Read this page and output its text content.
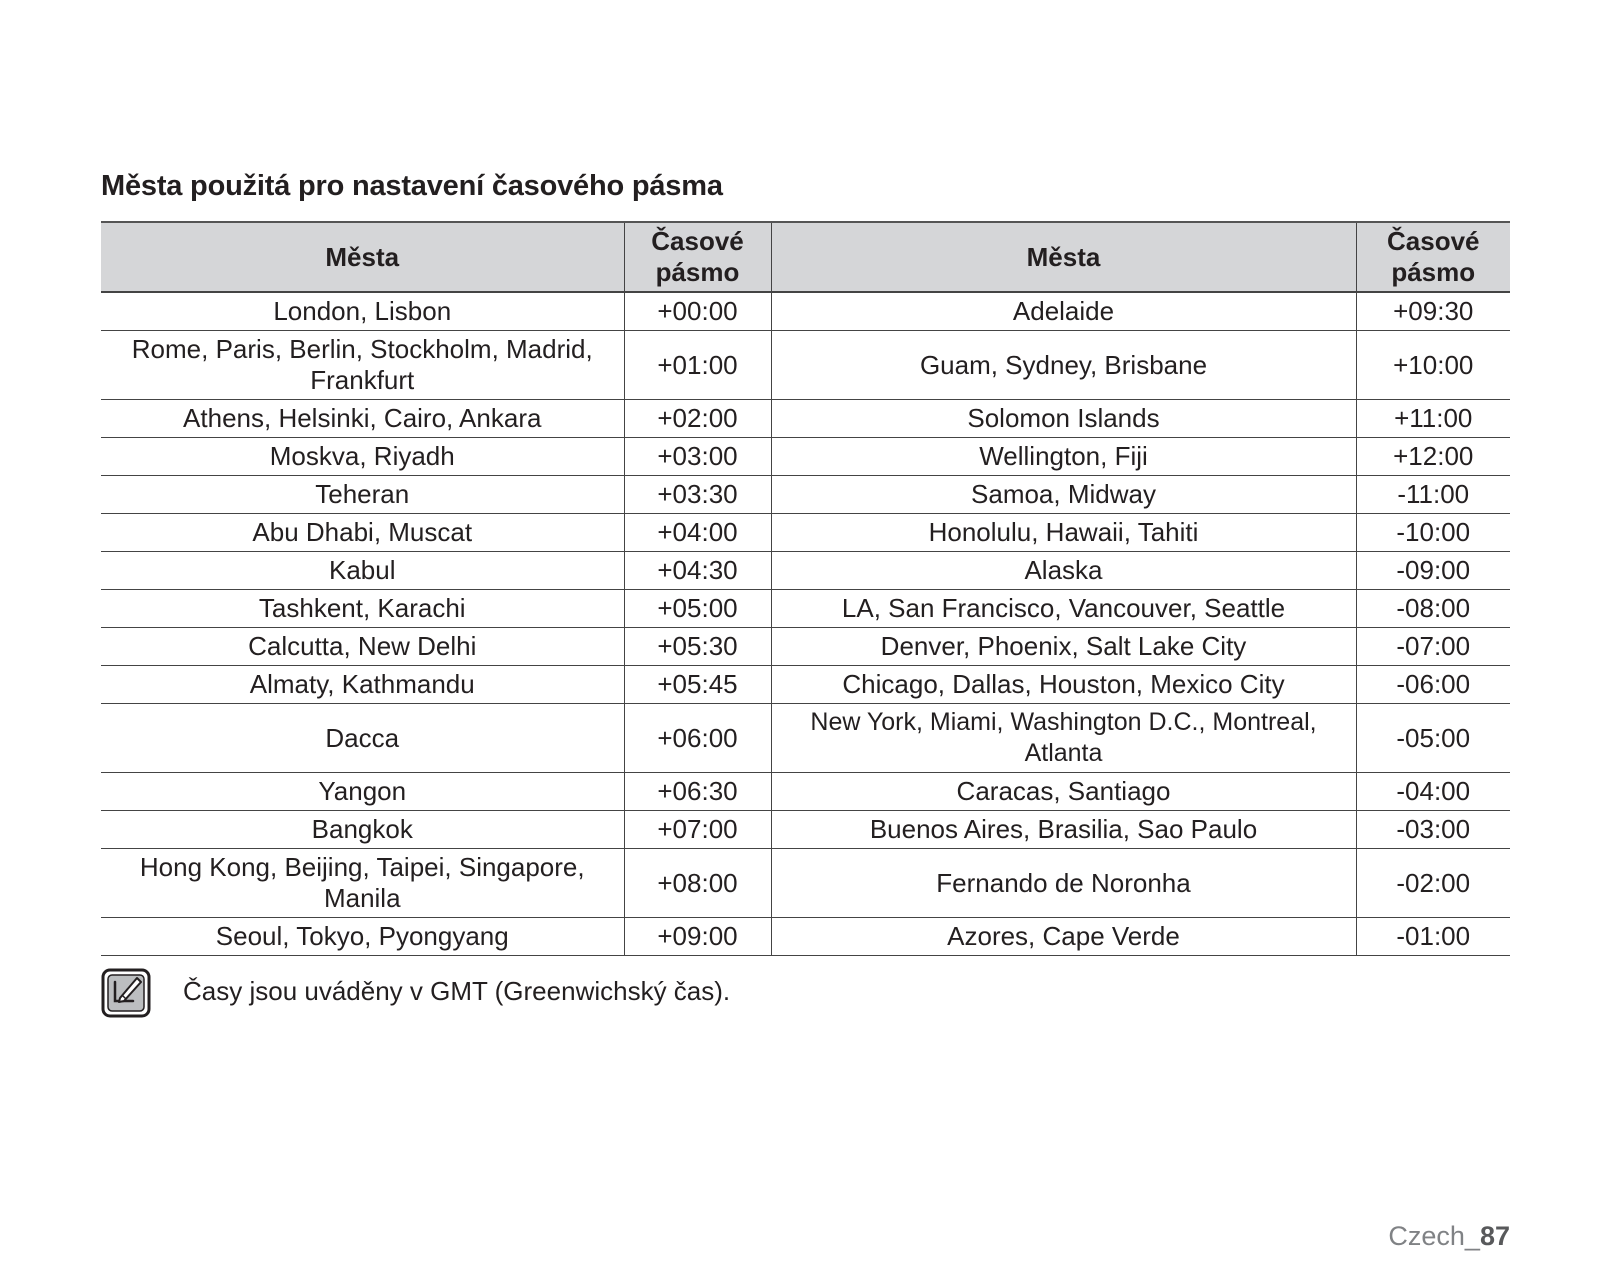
Města použitá pro nastavení časového pásma
Města	Časové pásmo	Města	Časové pásmo
London, Lisbon	+00:00	Adelaide	+09:30
Rome, Paris, Berlin, Stockholm, Madrid, Frankfurt	+01:00	Guam, Sydney, Brisbane	+10:00
Athens, Helsinki, Cairo, Ankara	+02:00	Solomon Islands	+11:00
Moskva, Riyadh	+03:00	Wellington, Fiji	+12:00
Teheran	+03:30	Samoa, Midway	-11:00
Abu Dhabi, Muscat	+04:00	Honolulu, Hawaii, Tahiti	-10:00
Kabul	+04:30	Alaska	-09:00
Tashkent, Karachi	+05:00	LA, San Francisco, Vancouver, Seattle	-08:00
Calcutta, New Delhi	+05:30	Denver, Phoenix, Salt Lake City	-07:00
Almaty, Kathmandu	+05:45	Chicago, Dallas, Houston, Mexico City	-06:00
Dacca	+06:00	New York, Miami, Washington D.C., Montreal, Atlanta	-05:00
Yangon	+06:30	Caracas, Santiago	-04:00
Bangkok	+07:00	Buenos Aires, Brasilia, Sao Paulo	-03:00
Hong Kong, Beijing, Taipei, Singapore, Manila	+08:00	Fernando de Noronha	-02:00
Seoul, Tokyo, Pyongyang	+09:00	Azores, Cape Verde	-01:00
Časy jsou uváděny v GMT (Greenwichský čas).
Czech_87
